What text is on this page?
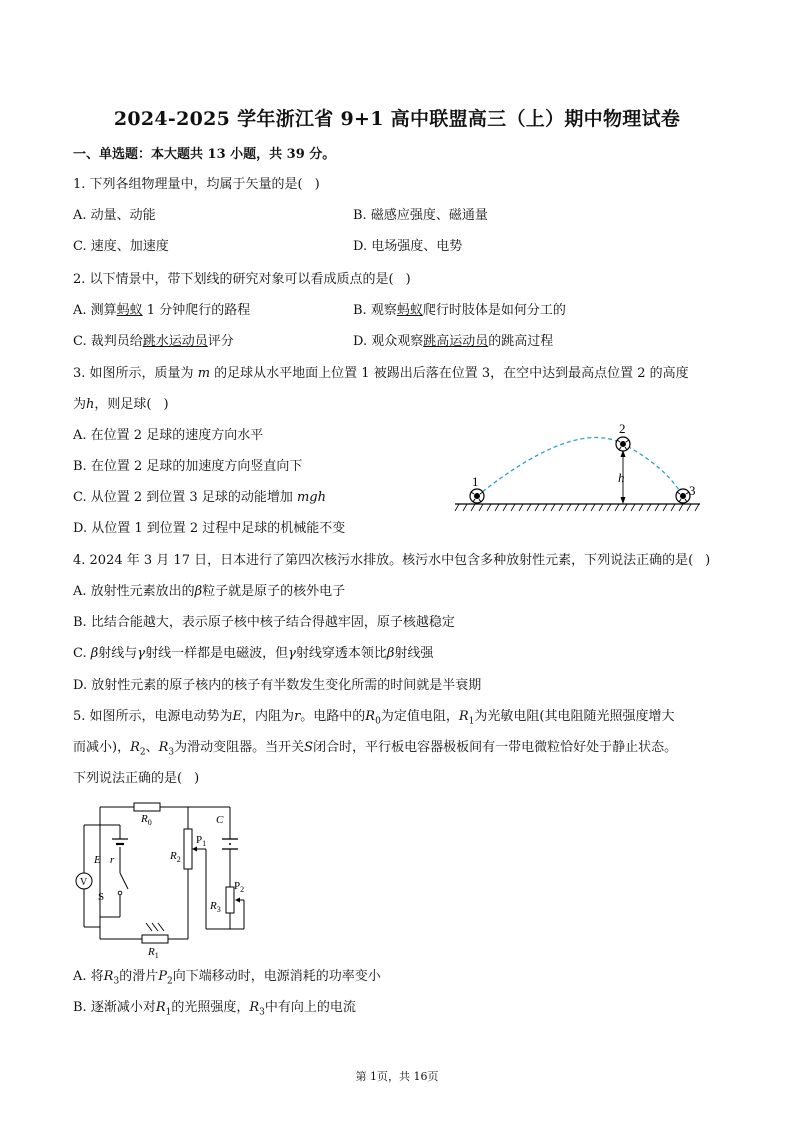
2024-2025 学年浙江省 9+1 高中联盟高三（上）期中物理试卷
一、单选题：本大题共 13 小题，共 39 分。
1. 下列各组物理量中，均属于矢量的是( )
A. 动量、动能	B. 磁感应强度、磁通量
C. 速度、加速度	D. 电场强度、电势
2. 以下情景中，带下划线的研究对象可以看成质点的是( )
A. 测算蚂蚁 1 分钟爬行的路程	B. 观察蚂蚁爬行时肢体是如何分工的
C. 裁判员给跳水运动员评分	D. 观众观察跳高运动员的跳高过程
3. 如图所示，质量为 m 的足球从水平地面上位置 1 被踢出后落在位置 3，在空中达到最高点位置 2 的高度
为h，则足球( )
A. 在位置 2 足球的速度方向水平
B. 在位置 2 足球的加速度方向竖直向下
C. 从位置 2 到位置 3 足球的动能增加 mgh
D. 从位置 1 到位置 2 过程中足球的机械能不变
1
2
3
h
4. 2024 年 3 月 17 日，日本进行了第四次核污水排放。核污水中包含多种放射性元素，下列说法正确的是( )
A. 放射性元素放出的β粒子就是原子的核外电子
B. 比结合能越大，表示原子核中核子结合得越牢固，原子核越稳定
C. β射线与γ射线一样都是电磁波，但γ射线穿透本领比β射线强
D. 放射性元素的原子核内的核子有半数发生变化所需的时间就是半衰期
5. 如图所示，电源电动势为E，内阻为r。电路中的$R_0$为定值电阻，$R_1$为光敏电阻(其电阻随光照强度增大
而减小)，$R_2$、$R_3$为滑动变阻器。当开关S闭合时，平行板电容器极板间有一带电微粒恰好处于静止状态。
下列说法正确的是( )
$R_0$
E r
V
S
$R_1$
$R_2$
$P_1$
C
$R_3$
$P_2$
A. 将$R_3$的滑片$P_2$向下端移动时，电源消耗的功率变小
B. 逐渐减小对$R_1$的光照强度，$R_3$中有向上的电流
第 1页，共 16页
